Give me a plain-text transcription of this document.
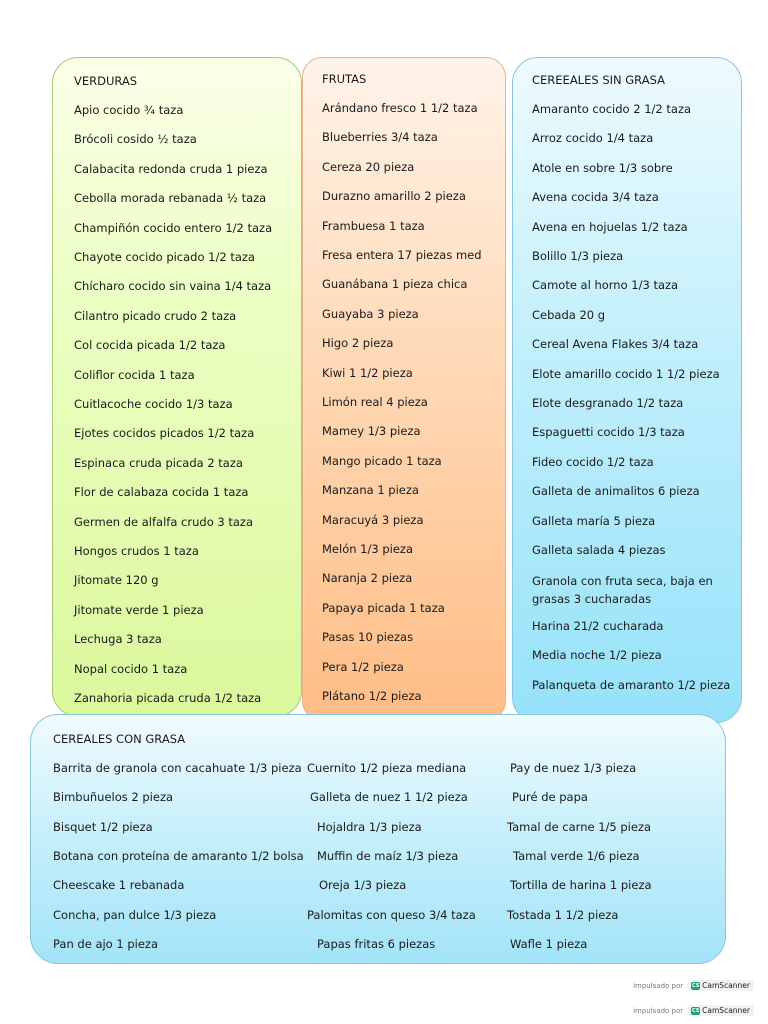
VERDURAS
Apio cocido ¾ taza
Brócoli cosido ½ taza
Calabacita redonda cruda 1 pieza
Cebolla morada rebanada ½ taza
Champiñón cocido entero 1/2 taza
Chayote cocido picado 1/2 taza
Chícharo cocido sin vaina 1/4 taza
Cilantro picado crudo 2 taza
Col cocida picada 1/2 taza
Coliflor cocida 1 taza
Cuitlacoche cocido 1/3 taza
Ejotes cocidos picados 1/2 taza
Espinaca cruda picada 2 taza
Flor de calabaza cocida 1 taza
Germen de alfalfa crudo 3 taza
Hongos crudos 1 taza
Jitomate 120 g
Jitomate verde 1 pieza
Lechuga 3 taza
Nopal cocido 1 taza
Zanahoria picada cruda 1/2 taza
FRUTAS
Arándano fresco 1 1/2 taza
Blueberries 3/4 taza
Cereza 20 pieza
Durazno amarillo 2 pieza
Frambuesa 1 taza
Fresa entera 17 piezas med
Guanábana 1 pieza chica
Guayaba 3 pieza
Higo 2 pieza
Kiwi 1 1/2 pieza
Limón real 4 pieza
Mamey 1/3 pieza
Mango picado 1 taza
Manzana 1 pieza
Maracuyá 3 pieza
Melón 1/3 pieza
Naranja 2 pieza
Papaya picada 1 taza
Pasas 10 piezas
Pera 1/2 pieza
Plátano 1/2 pieza
CEREEALES SIN GRASA
Amaranto cocido 2 1/2 taza
Arroz cocido 1/4 taza
Atole en sobre 1/3 sobre
Avena cocida 3/4 taza
Avena en hojuelas 1/2 taza
Bolillo 1/3 pieza
Camote al horno 1/3 taza
Cebada 20 g
Cereal Avena Flakes 3/4 taza
Elote amarillo cocido 1 1/2 pieza
Elote desgranado 1/2 taza
Espaguetti cocido 1/3 taza
Fideo cocido 1/2 taza
Galleta de animalitos 6 pieza
Galleta maría 5 pieza
Galleta salada 4 piezas
Granola con fruta seca, baja en grasas 3 cucharadas
Harina 21/2 cucharada
Media noche 1/2 pieza
Palanqueta de amaranto 1/2 pieza
CEREALES CON GRASA
Barrita de granola con cacahuate 1/3 pieza
Bimbuñuelos 2 pieza
Bisquet 1/2 pieza
Botana con proteína de amaranto 1/2 bolsa
Cheescake 1 rebanada
Concha, pan dulce 1/3 pieza
Pan de ajo 1 pieza
Cuernito 1/2 pieza mediana
Galleta de nuez 1 1/2 pieza
Hojaldra 1/3 pieza
Muffin de maíz 1/3 pieza
Oreja 1/3 pieza
Palomitas con queso 3/4 taza
Papas fritas 6 piezas
Pay de nuez 1/3 pieza
Puré de papa
Tamal de carne 1/5 pieza
Tamal verde 1/6 pieza
Tortilla de harina 1 pieza
Tostada 1 1/2 pieza
Wafle 1 pieza
impulsado por CS	CamScanner
impulsado por CS	CamScanner
